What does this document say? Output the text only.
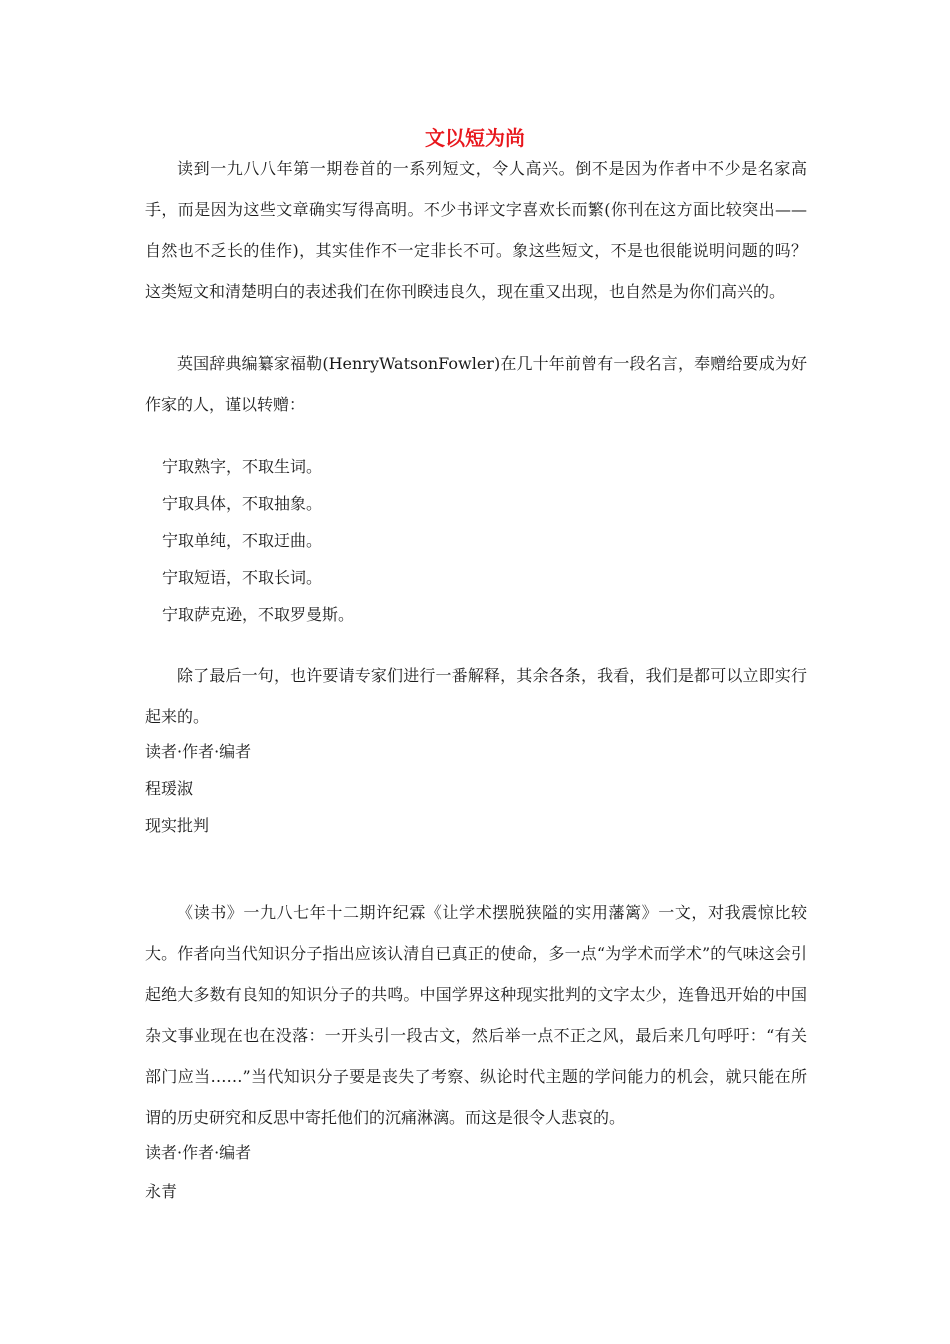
文以短为尚

读到一九八八年第一期卷首的一系列短文，令人高兴。倒不是因为作者中不少是名家高手，而是因为这些文章确实写得高明。不少书评文字喜欢长而繁(你刊在这方面比较突出——自然也不乏长的佳作)，其实佳作不一定非长不可。象这些短文，不是也很能说明问题的吗？这类短文和清楚明白的表述我们在你刊睽违良久，现在重又出现，也自然是为你们高兴的。

英国辞典编纂家福勒(HenryWatsonFowler)在几十年前曾有一段名言，奉赠给要成为好作家的人，谨以转赠：

宁取熟字，不取生词。
宁取具体，不取抽象。
宁取单纯，不取迂曲。
宁取短语，不取长词。
宁取萨克逊，不取罗曼斯。

除了最后一句，也许要请专家们进行一番解释，其余各条，我看，我们是都可以立即实行起来的。

读者·作者·编者
程瑗淑
现实批判

《读书》一九八七年十二期许纪霖《让学术摆脱狭隘的实用藩篱》一文，对我震惊比较大。作者向当代知识分子指出应该认清自已真正的使命，多一点“为学术而学术”的气味这会引起绝大多数有良知的知识分子的共鸣。中国学界这种现实批判的文字太少，连鲁迅开始的中国杂文事业现在也在没落：一开头引一段古文，然后举一点不正之风，最后来几句呼吁：“有关部门应当……”当代知识分子要是丧失了考察、纵论时代主题的学问能力的机会，就只能在所谓的历史研究和反思中寄托他们的沉痛淋漓。而这是很令人悲哀的。

读者·作者·编者
永青
